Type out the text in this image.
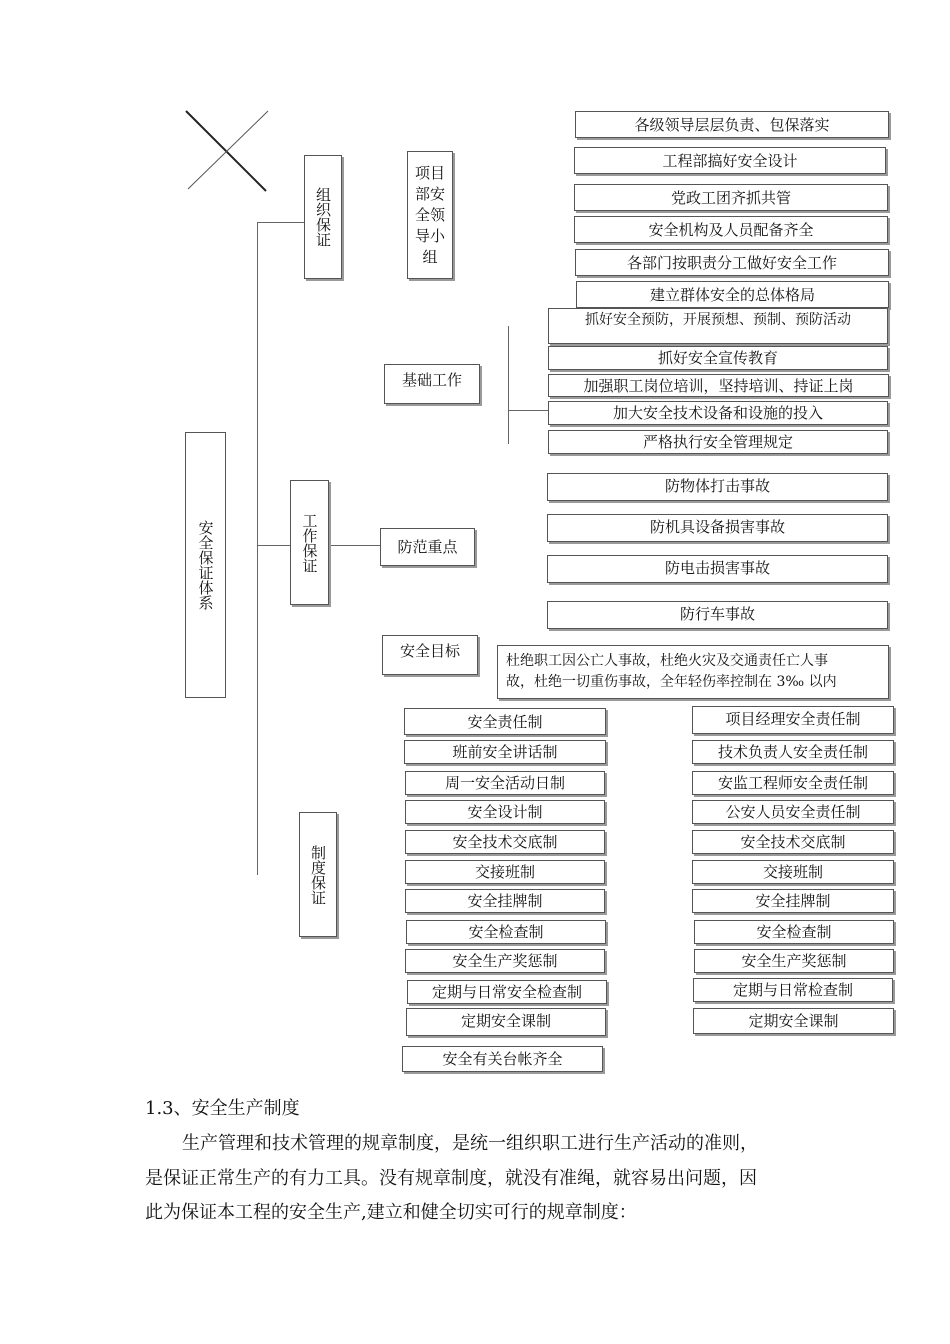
安全保证体系
组织保证
项目部安全领导小组
各级领导层层负责、包保落实
工程部搞好安全设计
党政工团齐抓共管
安全机构及人员配备齐全
各部门按职责分工做好安全工作
建立群体安全的总体格局
工作保证
基础工作
抓好安全预防，开展预想、预制、预防活动
抓好安全宣传教育
加强职工岗位培训，坚持培训、持证上岗
加大安全技术设备和设施的投入
严格执行安全管理规定
防范重点
防物体打击事故
防机具设备损害事故
防电击损害事故
防行车事故
安全目标
杜绝职工因公亡人事故，杜绝火灾及交通责任亡人事
故，杜绝一切重伤事故，全年轻伤率控制在 3‰ 以内
制度保证
安全责任制
班前安全讲话制
周一安全活动日制
安全设计制
安全技术交底制
交接班制
安全挂牌制
安全检查制
安全生产奖惩制
定期与日常安全检查制
定期安全课制
安全有关台帐齐全
项目经理安全责任制
技术负责人安全责任制
安监工程师安全责任制
公安人员安全责任制
安全技术交底制
交接班制
安全挂牌制
安全检查制
安全生产奖惩制
定期与日常检查制
定期安全课制
1.3、安全生产制度
生产管理和技术管理的规章制度，是统一组织职工进行生产活动的准则，
是保证正常生产的有力工具。没有规章制度，就没有准绳，就容易出问题，因
此为保证本工程的安全生产,建立和健全切实可行的规章制度：
